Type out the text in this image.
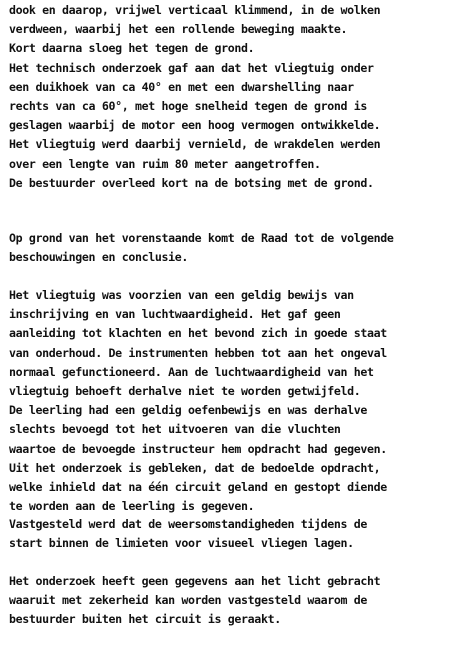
dook en daarop, vrijwel verticaal klimmend, in de wolken
verdween, waarbij het een rollende beweging maakte.
Kort daarna sloeg het tegen de grond.
Het technisch onderzoek gaf aan dat het vliegtuig onder
een duikhoek van ca 40° en met een dwarshelling naar
rechts van ca 60°, met hoge snelheid tegen de grond is
geslagen waarbij de motor een hoog vermogen ontwikkelde.
Het vliegtuig werd daarbij vernield, de wrakdelen werden
over een lengte van ruim 80 meter aangetroffen.
De bestuurder overleed kort na de botsing met de grond.
Op grond van het vorenstaande komt de Raad tot de volgende
beschouwingen en conclusie.
Het vliegtuig was voorzien van een geldig bewijs van
inschrijving en van luchtwaardigheid. Het gaf geen
aanleiding tot klachten en het bevond zich in goede staat
van onderhoud. De instrumenten hebben tot aan het ongeval
normaal gefunctioneerd. Aan de luchtwaardigheid van het
vliegtuig behoeft derhalve niet te worden getwijfeld.
De leerling had een geldig oefenbewijs en was derhalve
slechts bevoegd tot het uitvoeren van die vluchten
waartoe de bevoegde instructeur hem opdracht had gegeven.
Uit het onderzoek is gebleken, dat de bedoelde opdracht,
welke inhield dat na één circuit geland en gestopt diende
te worden aan de leerling is gegeven.
Vastgesteld werd dat de weersomstandigheden tijdens de
start binnen de limieten voor visueel vliegen lagen.
Het onderzoek heeft geen gegevens aan het licht gebracht
waaruit met zekerheid kan worden vastgesteld waarom de
bestuurder buiten het circuit is geraakt.
